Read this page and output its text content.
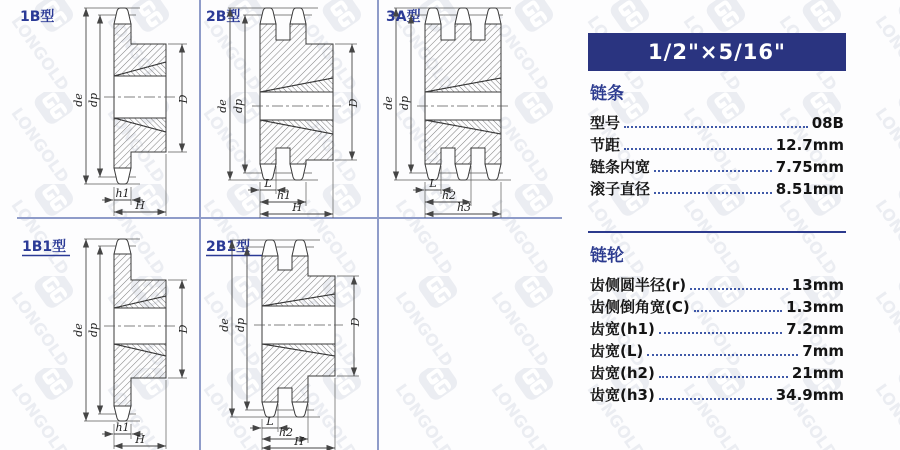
1B型
de dp	D
h1
H
2B型
de dp	D
L
h1
H
3A型
de dp
L
h2
h3
1B1型
de dp	D
h1
H
2B1型
de dp	D
L
h2
H
1/2"×5/16"
链条
型号	08B
节距	12.7mm
链条内宽	7.75mm
滚子直径	8.51mm
链轮
齿侧圆半径(r)	13mm
齿侧倒角宽(C)	1.3mm
齿宽(h1)	7.2mm
齿宽(L)	7mm
齿宽(h2)	21mm
齿宽(h3)	34.9mm
